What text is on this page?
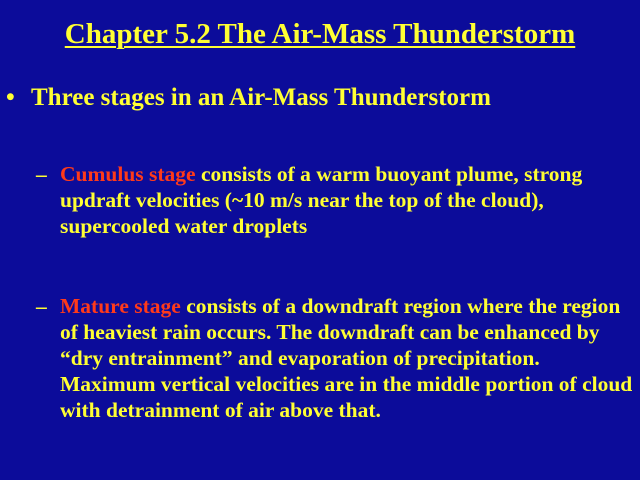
Chapter 5.2 The Air-Mass Thunderstorm
• Three stages in an Air-Mass Thunderstorm
– Cumulus stage consists of a warm buoyant plume, strong updraft velocities (~10 m/s near the top of the cloud), supercooled water droplets
– Mature stage consists of a downdraft region where the region of heaviest rain occurs. The downdraft can be enhanced by “dry entrainment” and evaporation of precipitation. Maximum vertical velocities are in the middle portion of cloud with detrainment of air above that.
